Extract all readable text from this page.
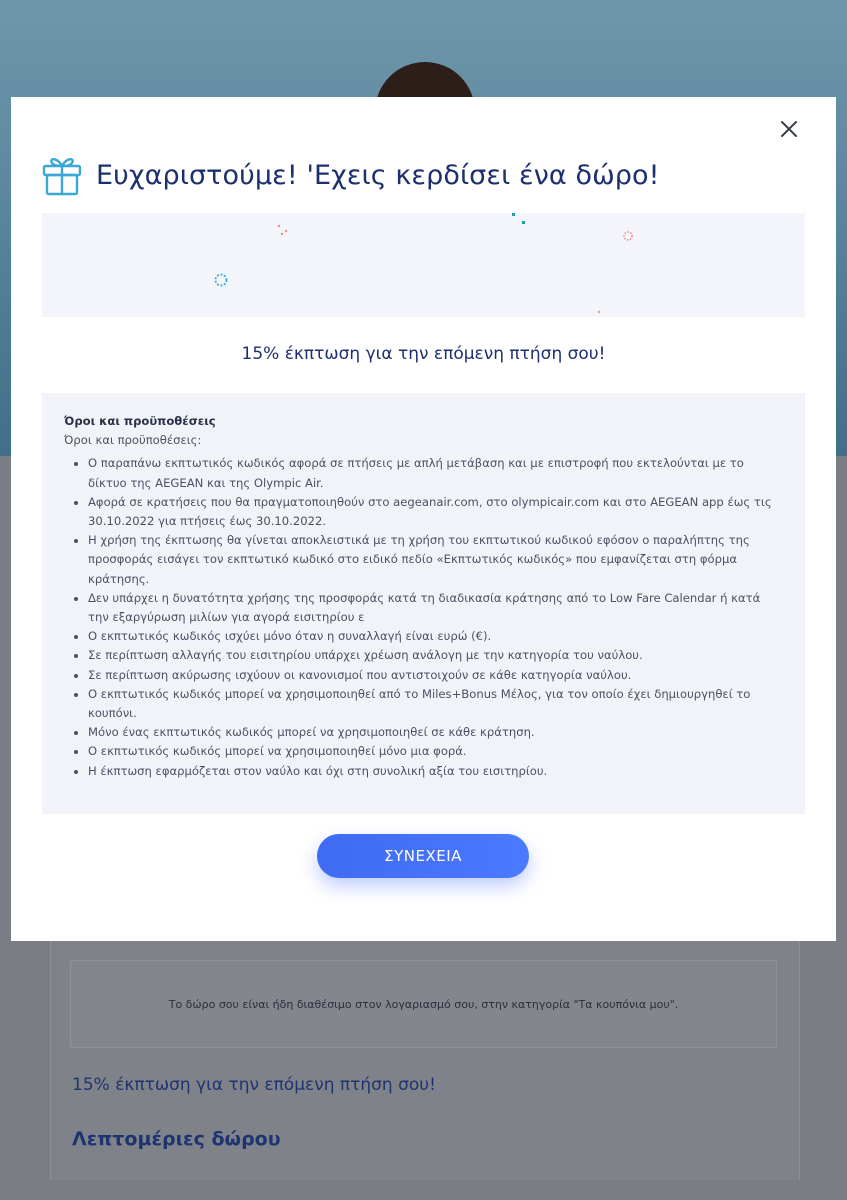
Το δώρο σου είναι ήδη διαθέσιμο στον λογαριασμό σου, στην κατηγορία "Τα κουπόνια μου".
15% έκπτωση για την επόμενη πτήση σου!
Λεπτομέριες δώρου
Ευχαριστούμε! 'Εχεις κερδίσει ένα δώρο!
15% έκπτωση για την επόμενη πτήση σου!
Όροι και προϋποθέσεις
Όροι και προϋποθέσεις:
• Ο παραπάνω εκπτωτικός κωδικός αφορά σε πτήσεις με απλή μετάβαση και με επιστροφή που εκτελούνται με το δίκτυο της AEGEAN και της Olympic Air.
• Αφορά σε κρατήσεις που θα πραγματοποιηθούν στο aegeanair.com, στο olympicair.com και στο AEGEAN app έως τις 30.10.2022 για πτήσεις έως 30.10.2022.
• Η χρήση της έκπτωσης θα γίνεται αποκλειστικά με τη χρήση του εκπτωτικού κωδικού εφόσον ο παραλήπτης της προσφοράς εισάγει τον εκπτωτικό κωδικό στο ειδικό πεδίο «Εκπτωτικός κωδικός» που εμφανίζεται στη φόρμα κράτησης.
• Δεν υπάρχει η δυνατότητα χρήσης της προσφοράς κατά τη διαδικασία κράτησης από το Low Fare Calendar ή κατά την εξαργύρωση μιλίων για αγορά εισιτηρίου ε
• Ο εκπτωτικός κωδικός ισχύει μόνο όταν η συναλλαγή είναι ευρώ (€).
• Σε περίπτωση αλλαγής του εισιτηρίου υπάρχει χρέωση ανάλογη με την κατηγορία του ναύλου.
• Σε περίπτωση ακύρωσης ισχύουν οι κανονισμοί που αντιστοιχούν σε κάθε κατηγορία ναύλου.
• Ο εκπτωτικός κωδικός μπορεί να χρησιμοποιηθεί από το Miles+Bonus Μέλος, για τον οποίο έχει δημιουργηθεί το κουπόνι.
• Μόνο ένας εκπτωτικός κωδικός μπορεί να χρησιμοποιηθεί σε κάθε κράτηση.
• Ο εκπτωτικός κωδικός μπορεί να χρησιμοποιηθεί μόνο μια φορά.
• Η έκπτωση εφαρμόζεται στον ναύλο και όχι στη συνολική αξία του εισιτηρίου.
ΣΥΝΕΧΕΙΑ
